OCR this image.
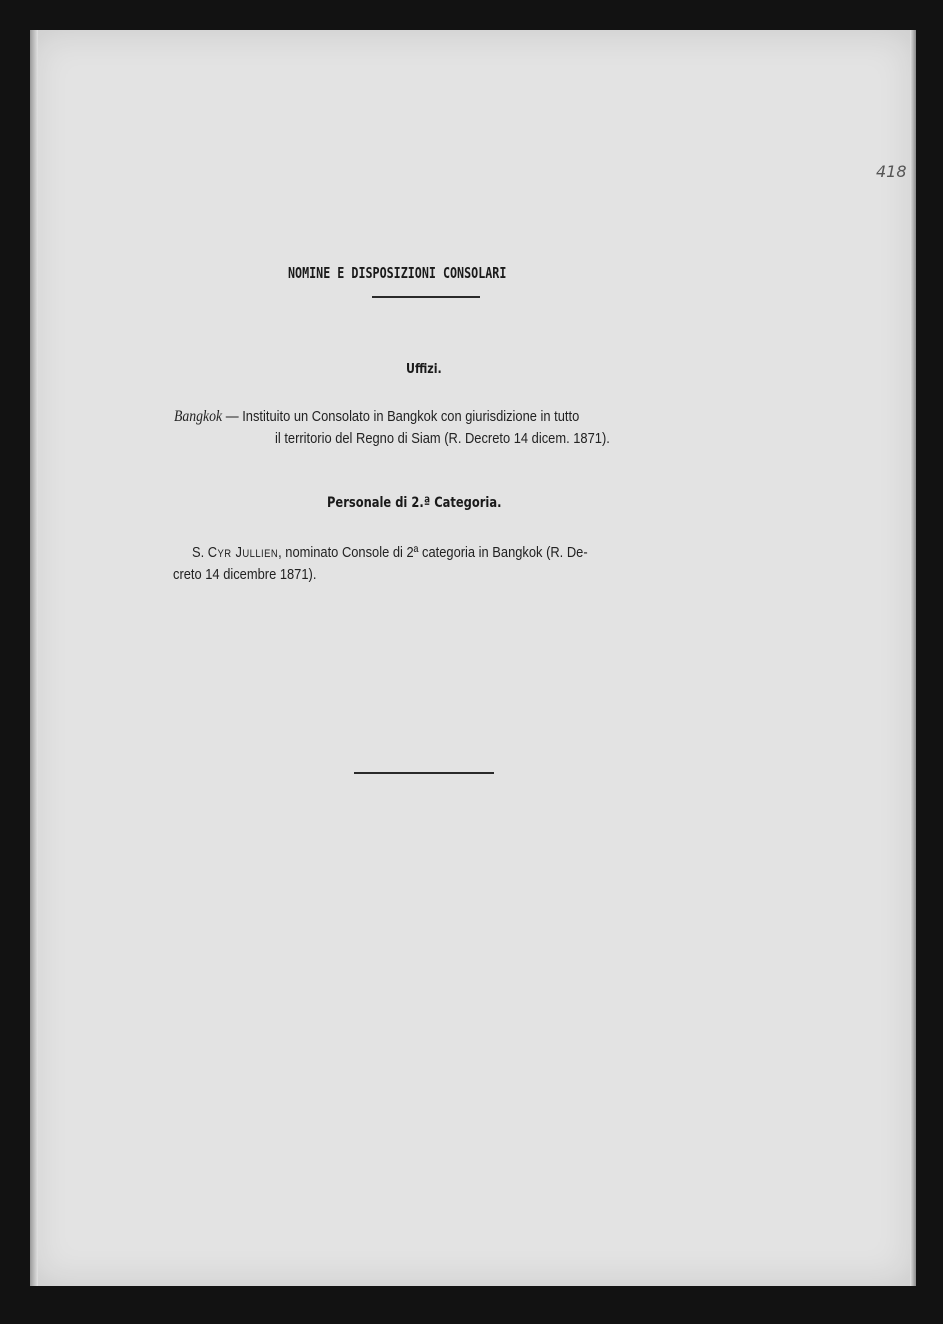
418
NOMINE E DISPOSIZIONI CONSOLARI
Uffizi.
Bangkok — Instituito un Consolato in Bangkok con giurisdizione in tutto
il territorio del Regno di Siam (R. Decreto 14 dicem. 1871).
Personale di 2.ª Categoria.
S. Cyr Jullien, nominato Console di 2ª categoria in Bangkok (R. De-
creto 14 dicembre 1871).
